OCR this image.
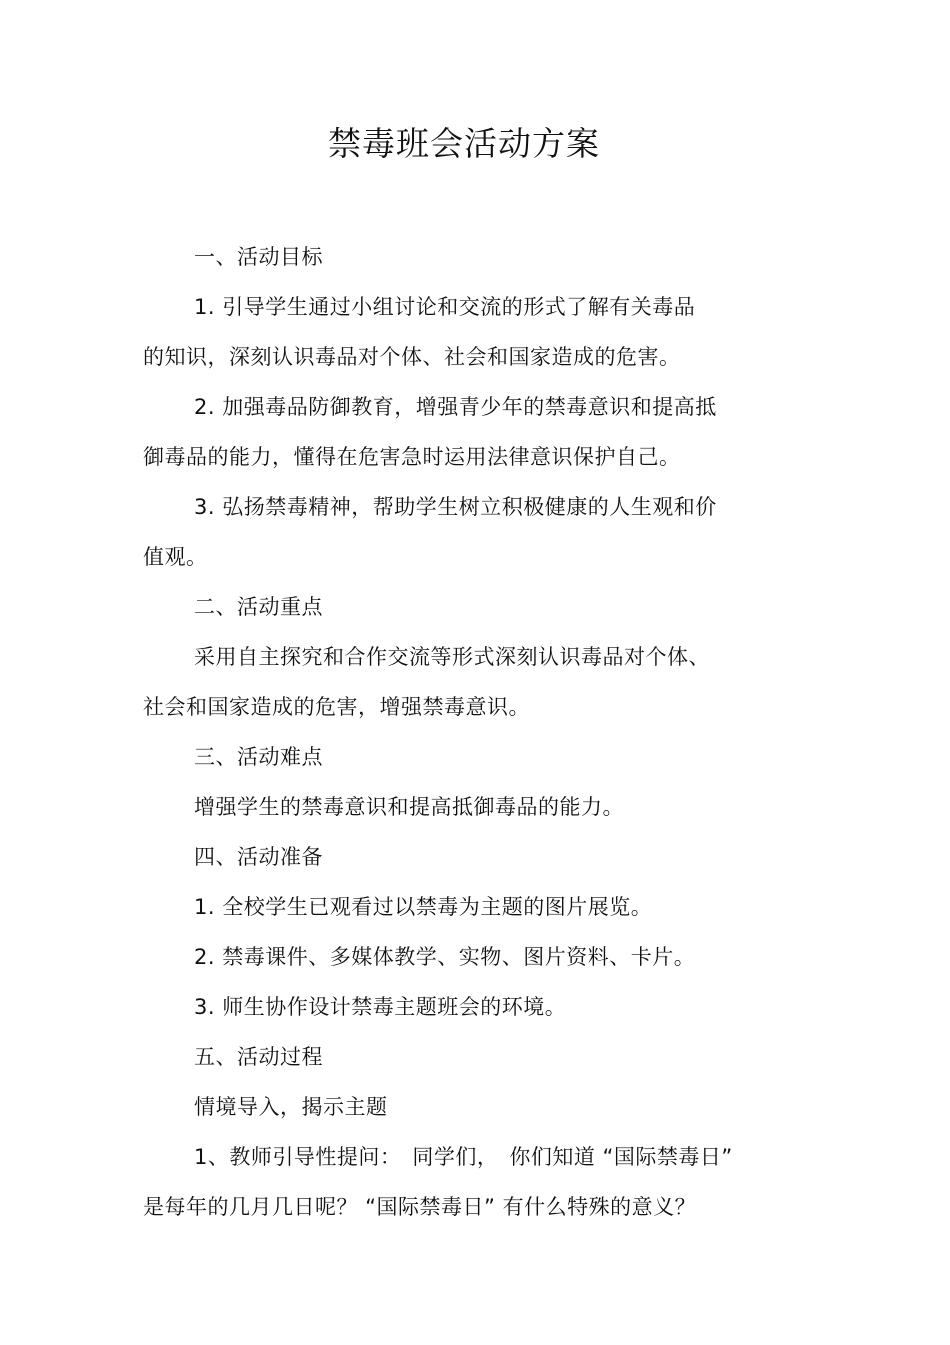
禁毒班会活动方案

一、活动目标

1. 引导学生通过小组讨论和交流的形式了解有关毒品

的知识，深刻认识毒品对个体、社会和国家造成的危害。

2. 加强毒品防御教育，增强青少年的禁毒意识和提高抵

御毒品的能力，懂得在危害急时运用法律意识保护自己。

3. 弘扬禁毒精神，帮助学生树立积极健康的人生观和价

值观。

二、活动重点

采用自主探究和合作交流等形式深刻认识毒品对个体、

社会和国家造成的危害，增强禁毒意识。

三、活动难点

增强学生的禁毒意识和提高抵御毒品的能力。

四、活动准备

1. 全校学生已观看过以禁毒为主题的图片展览。

2. 禁毒课件、多媒体教学、实物、图片资料、卡片。

3. 师生协作设计禁毒主题班会的环境。

五、活动过程

情境导入，揭示主题

1、教师引导性提问：　同学们，　你们知道 “国际禁毒日”

是每年的几月几日呢？ “国际禁毒日” 有什么特殊的意义？
